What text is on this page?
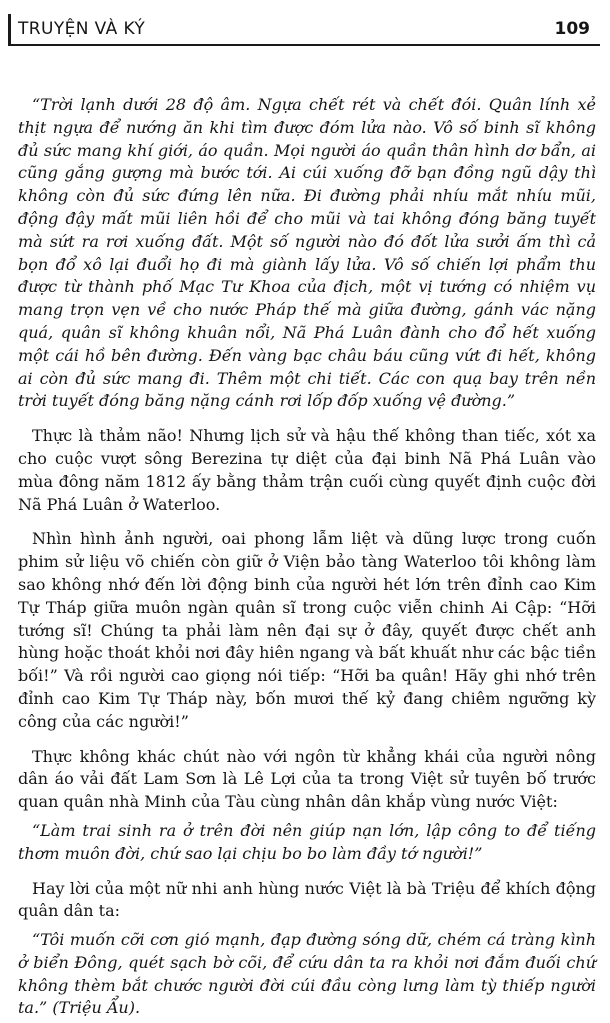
TRUYỆN VÀ KÝ	109

“Trời lạnh dưới 28 độ âm. Ngựa chết rét và chết đói. Quân lính xẻ thịt ngựa để nướng ăn khi tìm được đóm lửa nào. Vô số binh sĩ không đủ sức mang khí giới, áo quần. Mọi người áo quần thân hình dơ bẩn, ai cũng gắng gượng mà bước tới. Ai cúi xuống đỡ bạn đồng ngũ dậy thì không còn đủ sức đứng lên nữa. Đi đường phải nhíu mắt nhíu mũi, động đậy mất mũi liên hồi để cho mũi và tai không đóng băng tuyết mà sứt ra rơi xuống đất. Một số người nào đó đốt lửa sưởi ấm thì cả bọn đổ xô lại đuổi họ đi mà giành lấy lửa. Vô số chiến lợi phẩm thu được từ thành phố Mạc Tư Khoa của địch, một vị tướng có nhiệm vụ mang trọn vẹn về cho nước Pháp thế mà giữa đường, gánh vác nặng quá, quân sĩ không khuân nổi, Nã Phá Luân đành cho đổ hết xuống một cái hồ bên đường. Đến vàng bạc châu báu cũng vứt đi hết, không ai còn đủ sức mang đi. Thêm một chi tiết. Các con quạ bay trên nền trời tuyết đóng băng nặng cánh rơi lốp đốp xuống vệ đường.”

Thực là thảm não! Nhưng lịch sử và hậu thế không than tiếc, xót xa cho cuộc vượt sông Berezina tự diệt của đại binh Nã Phá Luân vào mùa đông năm 1812 ấy bằng thảm trận cuối cùng quyết định cuộc đời Nã Phá Luân ở Waterloo.

Nhìn hình ảnh người, oai phong lẫm liệt và dũng lược trong cuốn phim sử liệu võ chiến còn giữ ở Viện bảo tàng Waterloo tôi không làm sao không nhớ đến lời động binh của người hét lớn trên đỉnh cao Kim Tự Tháp giữa muôn ngàn quân sĩ trong cuộc viễn chinh Ai Cập: “Hỡi tướng sĩ! Chúng ta phải làm nên đại sự ở đây, quyết được chết anh hùng hoặc thoát khỏi nơi đây hiên ngang và bất khuất như các bậc tiền bối!” Và rồi người cao giọng nói tiếp: “Hỡi ba quân! Hãy ghi nhớ trên đỉnh cao Kim Tự Tháp này, bốn mươi thế kỷ đang chiêm ngưỡng kỳ công của các người!”

Thực không khác chút nào với ngôn từ khẳng khái của người nông dân áo vải đất Lam Sơn là Lê Lợi của ta trong Việt sử tuyên bố trước quan quân nhà Minh của Tàu cùng nhân dân khắp vùng nước Việt:

“Làm trai sinh ra ở trên đời nên giúp nạn lớn, lập công to để tiếng thơm muôn đời, chứ sao lại chịu bo bo làm đầy tớ người!”

Hay lời của một nữ nhi anh hùng nước Việt là bà Triệu để khích động quân dân ta:

“Tôi muốn cỡi cơn gió mạnh, đạp đường sóng dữ, chém cá tràng kình ở biển Đông, quét sạch bờ cõi, để cứu dân ta ra khỏi nơi đắm đuối chứ không thèm bắt chước người đời cúi đầu còng lưng làm tỳ thiếp người ta.” (Triệu Ẩu).
